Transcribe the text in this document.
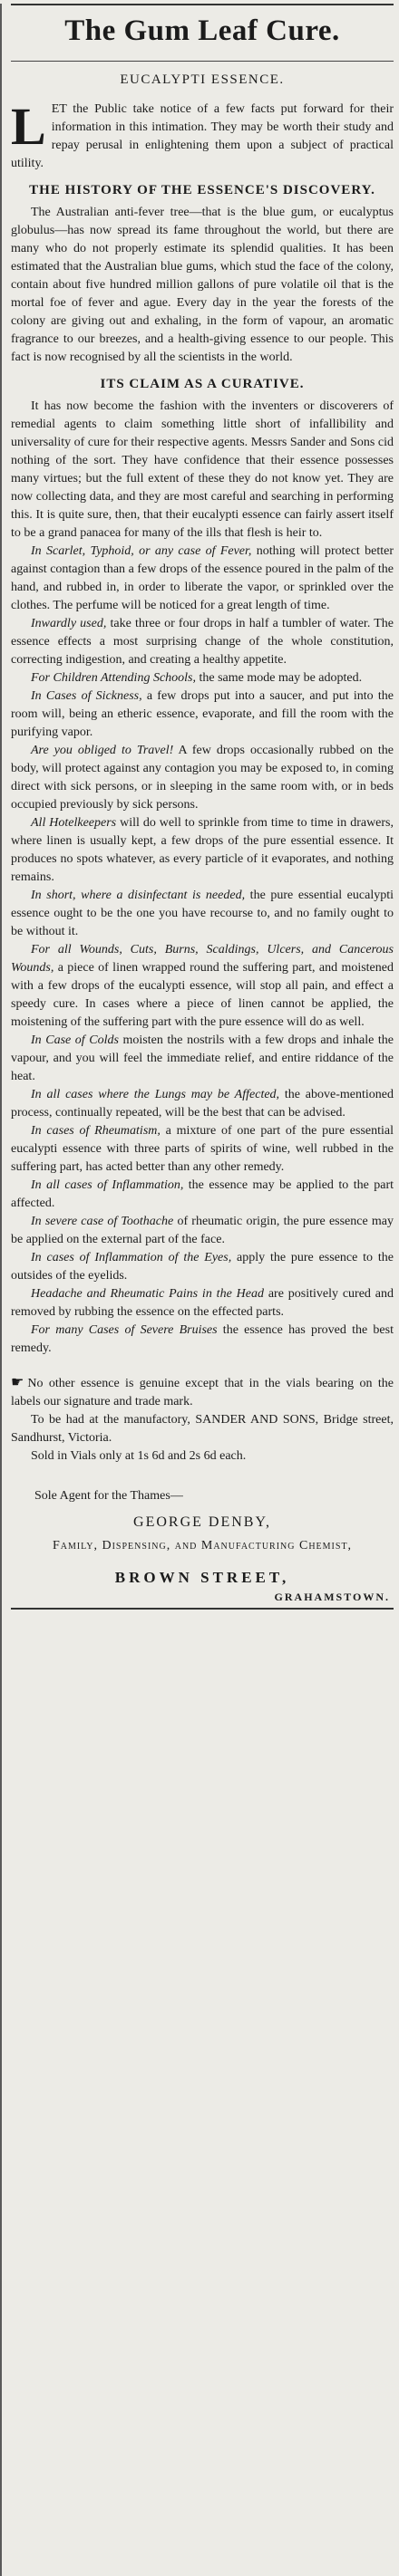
The Gum Leaf Cure.
EUCALYPTI ESSENCE.
L ET the Public take notice of a few facts put forward for their information in this intimation. They may be worth their study and repay perusal in enlightening them upon a subject of practical utility.

THE HISTORY OF THE ESSENCE'S DISCOVERY.

The Australian anti-fever tree—that is the blue gum, or eucalyptus globulus—has now spread its fame throughout the world, but there are many who do not properly estimate its splendid qualities. It has been estimated that the Australian blue gums, which stud the face of the colony, contain about five hundred million gallons of pure volatile oil that is the mortal foe of fever and ague. Every day in the year the forests of the colony are giving out and exhaling, in the form of vapour, an aromatic fragrance to our breezes, and a health-giving essence to our people. This fact is now recognised by all the scientists in the world.

ITS CLAIM AS A CURATIVE.

It has now become the fashion with the inventers or discoverers of remedial agents to claim something little short of infallibility and universality of cure for their respective agents. Messrs Sander and Sons cid nothing of the sort. They have confidence that their essence possesses many virtues; but the full extent of these they do not know yet. They are now collecting data, and they are most careful and searching in performing this. It is quite sure, then, that their eucalypti essence can fairly assert itself to be a grand panacea for many of the ills that flesh is heir to.

In Scarlet, Typhoid, or any case of Fever, nothing will protect better against contagion than a few drops of the essence poured in the palm of the hand, and rubbed in, in order to liberate the vapor, or sprinkled over the clothes. The perfume will be noticed for a great length of time.

Inwardly used, take three or four drops in half a tumbler of water. The essence effects a most surprising change of the whole constitution, correcting indigestion, and creating a healthy appetite.

For Children Attending Schools, the same mode may be adopted.

In Cases of Sickness, a few drops put into a saucer, and put into the room will, being an etheric essence, evaporate, and fill the room with the purifying vapor.

Are you obliged to Travel! A few drops occasionally rubbed on the body, will protect against any contagion you may be exposed to, in coming direct with sick persons, or in sleeping in the same room with, or in beds occupied previously by sick persons.

All Hotelkeepers will do well to sprinkle from time to time in drawers, where linen is usually kept, a few drops of the pure essential essence. It produces no spots whatever, as every particle of it evaporates, and nothing remains.

In short, where a disinfectant is needed, the pure essential eucalypti essence ought to be the one you have recourse to, and no family ought to be without it.

For all Wounds, Cuts, Burns, Scaldings, Ulcers, and Cancerous Wounds, a piece of linen wrapped round the suffering part, and moistened with a few drops of the eucalypti essence, will stop all pain, and effect a speedy cure. In cases where a piece of linen cannot be applied, the moistening of the suffering part with the pure essence will do as well.

In Case of Colds moisten the nostrils with a few drops and inhale the vapour, and you will feel the immediate relief, and entire riddance of the heat.

In all cases where the Lungs may be Affected, the above-mentioned process, continually repeated, will be the best that can be advised.

In cases of Rheumatism, a mixture of one part of the pure essential eucalypti essence with three parts of spirits of wine, well rubbed in the suffering part, has acted better than any other remedy.

In all cases of Inflammation, the essence may be applied to the part affected.

In severe case of Toothache of rheumatic origin, the pure essence may be applied on the external part of the face.

In cases of Inflammation of the Eyes, apply the pure essence to the outsides of the eyelids.

Headache and Rheumatic Pains in the Head are positively cured and removed by rubbing the essence on the effected parts.

For many Cases of Severe Bruises the essence has proved the best remedy.

☛ No other essence is genuine except that in the vials bearing on the labels our signature and trade mark.

To be had at the manufactory, SANDER AND SONS, Bridge street, Sandhurst, Victoria.

Sold in Vials only at 1s 6d and 2s 6d each.

Sole Agent for the Thames—
GEORGE DENBY,
Family, Dispensing, and Manufacturing Chemist,
BROWN STREET,
GRAHAMSTOWN.
